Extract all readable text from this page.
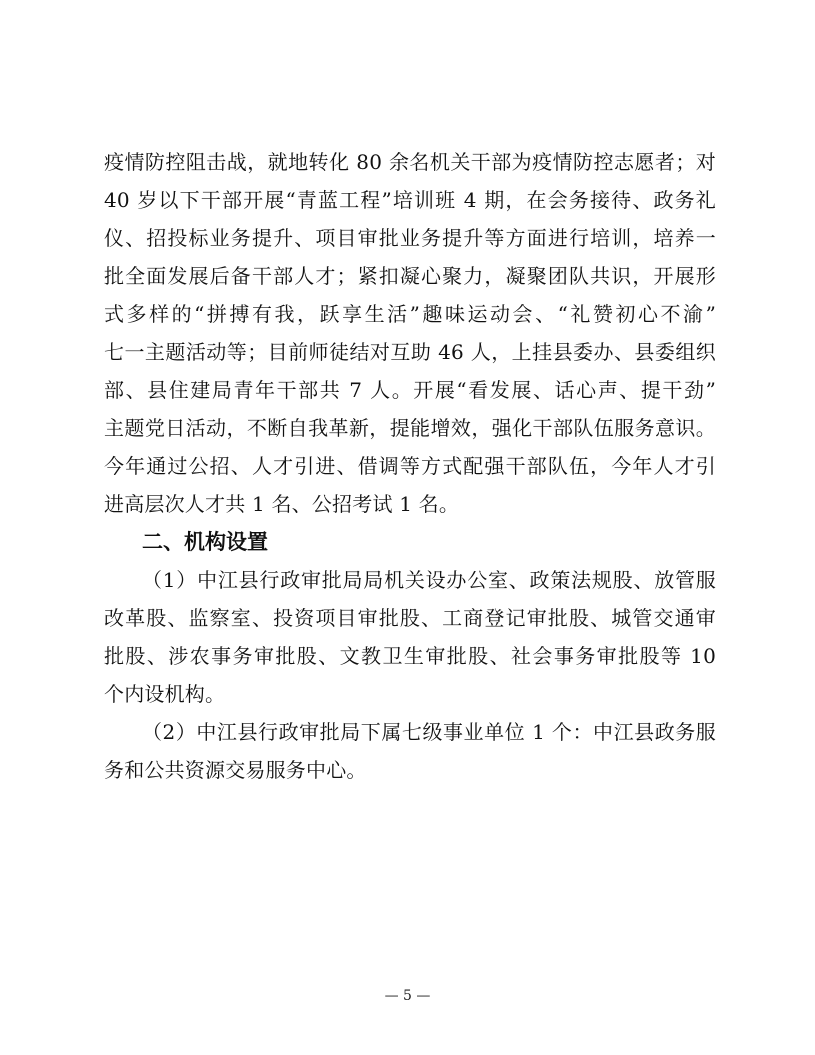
疫情防控阻击战，就地转化 80 余名机关干部为疫情防控志愿者；对
40 岁以下干部开展“青蓝工程”培训班 4 期，在会务接待、政务礼
仪、招投标业务提升、项目审批业务提升等方面进行培训，培养一
批全面发展后备干部人才；紧扣凝心聚力，凝聚团队共识，开展形
式多样的“拼搏有我，跃享生活”趣味运动会、“礼赞初心不渝”
七一主题活动等；目前师徒结对互助 46 人，上挂县委办、县委组织
部、县住建局青年干部共 7 人。开展“看发展、话心声、提干劲”
主题党日活动，不断自我革新，提能增效，强化干部队伍服务意识。
今年通过公招、人才引进、借调等方式配强干部队伍，今年人才引
进高层次人才共 1 名、公招考试 1 名。
二、机构设置
（1）中江县行政审批局局机关设办公室、政策法规股、放管服
改革股、监察室、投资项目审批股、工商登记审批股、城管交通审
批股、涉农事务审批股、文教卫生审批股、社会事务审批股等 10
个内设机构。
（2）中江县行政审批局下属七级事业单位 1 个：中江县政务服
务和公共资源交易服务中心。
— 5 —
